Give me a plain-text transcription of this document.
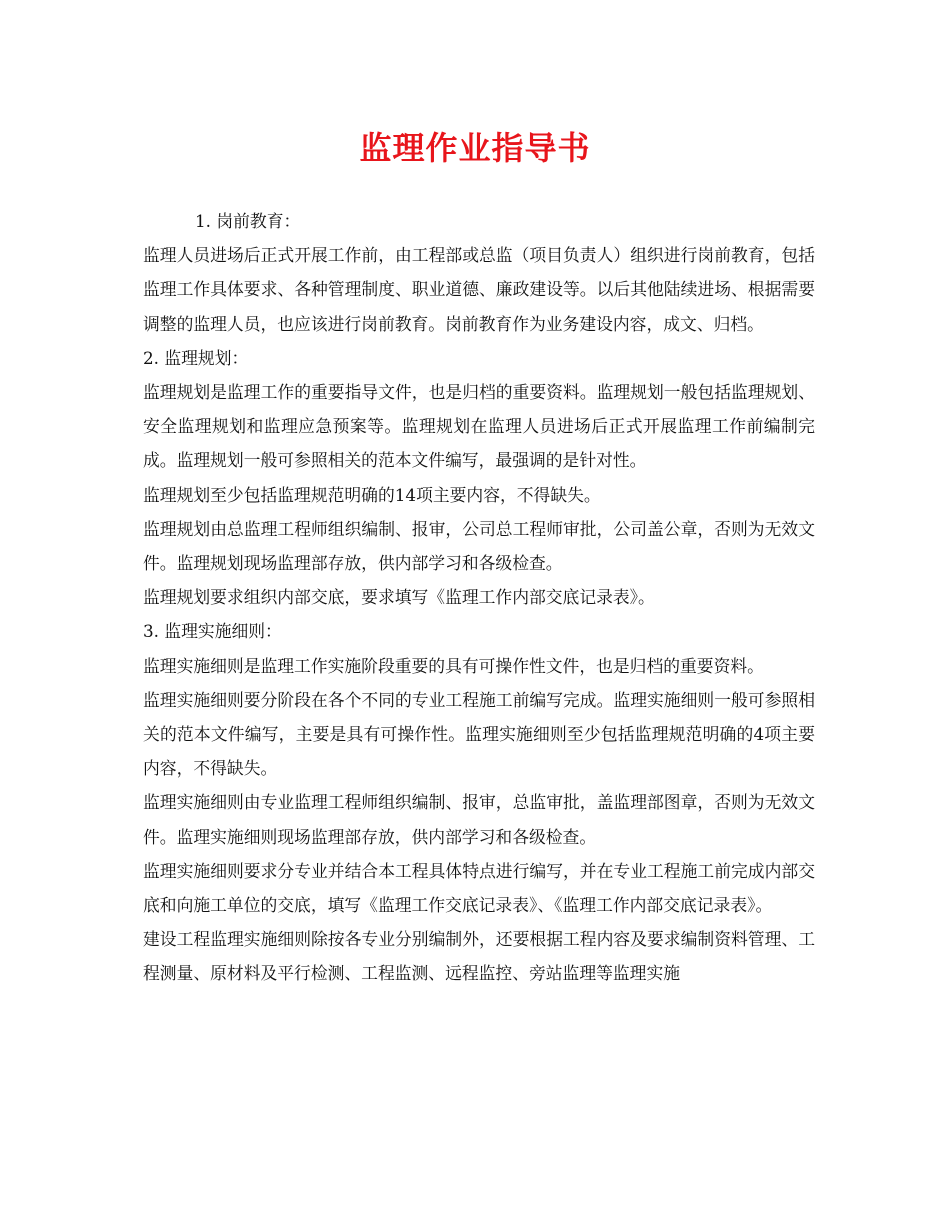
监理作业指导书

1. 岗前教育：

监理人员进场后正式开展工作前，由工程部或总监（项目负责人）组织进行岗前教育，包括监理工作具体要求、各种管理制度、职业道德、廉政建设等。以后其他陆续进场、根据需要调整的监理人员，也应该进行岗前教育。岗前教育作为业务建设内容，成文、归档。

2. 监理规划：

监理规划是监理工作的重要指导文件，也是归档的重要资料。监理规划一般包括监理规划、安全监理规划和监理应急预案等。监理规划在监理人员进场后正式开展监理工作前编制完成。监理规划一般可参照相关的范本文件编写，最强调的是针对性。

监理规划至少包括监理规范明确的14项主要内容，不得缺失。

监理规划由总监理工程师组织编制、报审，公司总工程师审批，公司盖公章，否则为无效文件。监理规划现场监理部存放，供内部学习和各级检查。

监理规划要求组织内部交底，要求填写《监理工作内部交底记录表》。

3. 监理实施细则：

监理实施细则是监理工作实施阶段重要的具有可操作性文件，也是归档的重要资料。

监理实施细则要分阶段在各个不同的专业工程施工前编写完成。监理实施细则一般可参照相关的范本文件编写，主要是具有可操作性。监理实施细则至少包括监理规范明确的4项主要内容，不得缺失。

监理实施细则由专业监理工程师组织编制、报审，总监审批，盖监理部图章，否则为无效文件。监理实施细则现场监理部存放，供内部学习和各级检查。

监理实施细则要求分专业并结合本工程具体特点进行编写，并在专业工程施工前完成内部交底和向施工单位的交底，填写《监理工作交底记录表》、《监理工作内部交底记录表》。

建设工程监理实施细则除按各专业分别编制外，还要根据工程内容及要求编制资料管理、工程测量、原材料及平行检测、工程监测、远程监控、旁站监理等监理实施
